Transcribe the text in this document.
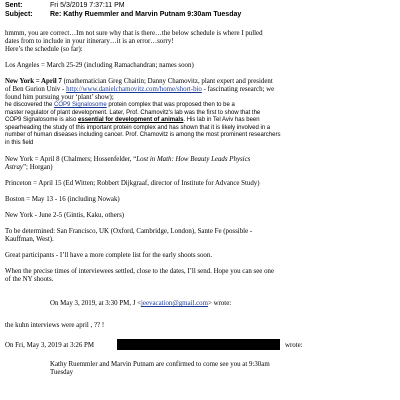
Sent:	Fri 5/3/2019 7:37:11 PM
Subject: Re: Kathy Ruemmler and Marvin Putnam 9:30am Tuesday
hmmm, you are correct…Im not sure why that is there…the below schedule is where I pulled
dates from to include in your itinerary…it is an error…sorry!
Here’s the schedule (so far):
Los Angeles = March 25-29 (including Ramachandran; names soon)
New York = April 7 (mathematician Greg Chaitin; Danny Chamovitz, plant expert and president
of Ben Gurion Univ - http://www.danielchamovitz.com/home/short-bio - fascinating research; we
found him pursuing your ‘plant’ show);
he discovered the COP9 Signalosome protein complex that was proposed then to be a
master regulator of plant development. Later, Prof. Chamovitz's lab was the first to show that the
COP9 Signalosome is also essential for development of animals. His lab in Tel Aviv has been
spearheading the study of this important protein complex and has shown that it is likely involved in a
number of human diseases including cancer. Prof. Chamovitz is among the most prominent researchers
in this field
New York = April 8 (Chalmers; Hossenfelder, “Lost in Math: How Beauty Leads Physics
Astray”; Horgan)
Princeton = April 15 (Ed Witten; Robbert Dijkgraaf, director of Institute for Advance Study)
Boston = May 13 - 16 (including Nowak)
New York - June 2-5 (Gintis, Kaku, others)
To be determined: San Francisco, UK (Oxford, Cambridge, London), Sante Fe (possible -
Kauffman, West).
Great participants - I’ll have a more complete list for the early shoots soon.
When the precise times of interviewees settled, close to the dates, I’ll send. Hope you can see one
of the NY shoots.
On May 3, 2019, at 3:30 PM, J <jeevacation@gmail.com> wrote:
the kuhn interviews were april , ?? !
On Fri, May 3, 2019 at 3:26 PM	wrote:
Kathy Ruemmler and Marvin Putnam are confirmed to come see you at 9:30am
Tuesday
